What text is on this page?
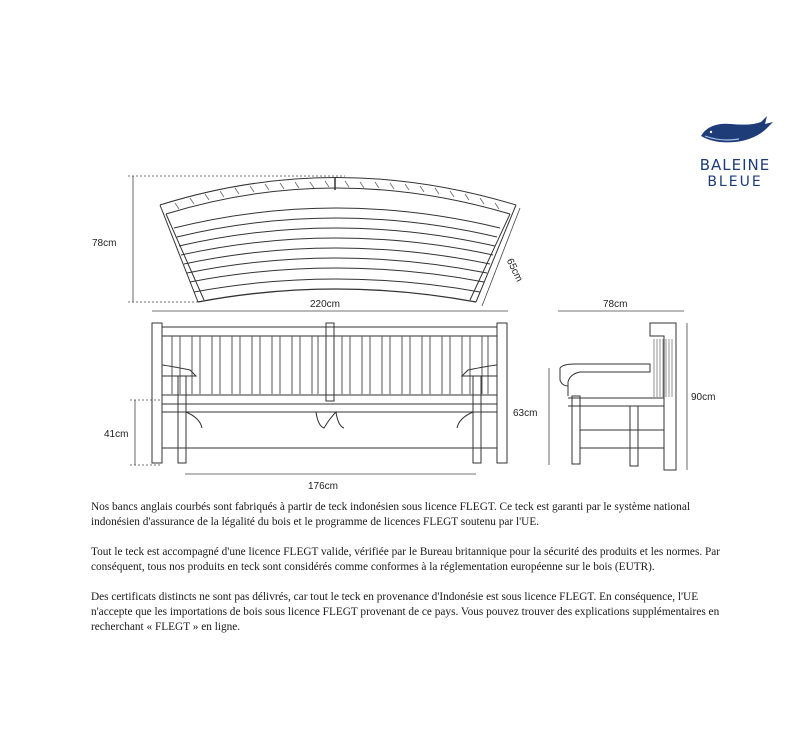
78cm
65cm
220cm
41cm
176cm
78cm
63cm
90cm
BALEINE
BLEUE

Nos bancs anglais courbés sont fabriqués à partir de teck indonésien sous licence FLEGT. Ce teck est garanti par le système national indonésien d'assurance de la légalité du bois et le programme de licences FLEGT soutenu par l'UE.

Tout le teck est accompagné d'une licence FLEGT valide, vérifiée par le Bureau britannique pour la sécurité des produits et les normes. Par conséquent, tous nos produits en teck sont considérés comme conformes à la réglementation européenne sur le bois (EUTR).

Des certificats distincts ne sont pas délivrés, car tout le teck en provenance d'Indonésie est sous licence FLEGT. En conséquence, l'UE n'accepte que les importations de bois sous licence FLEGT provenant de ce pays. Vous pouvez trouver des explications supplémentaires en recherchant « FLEGT » en ligne.
